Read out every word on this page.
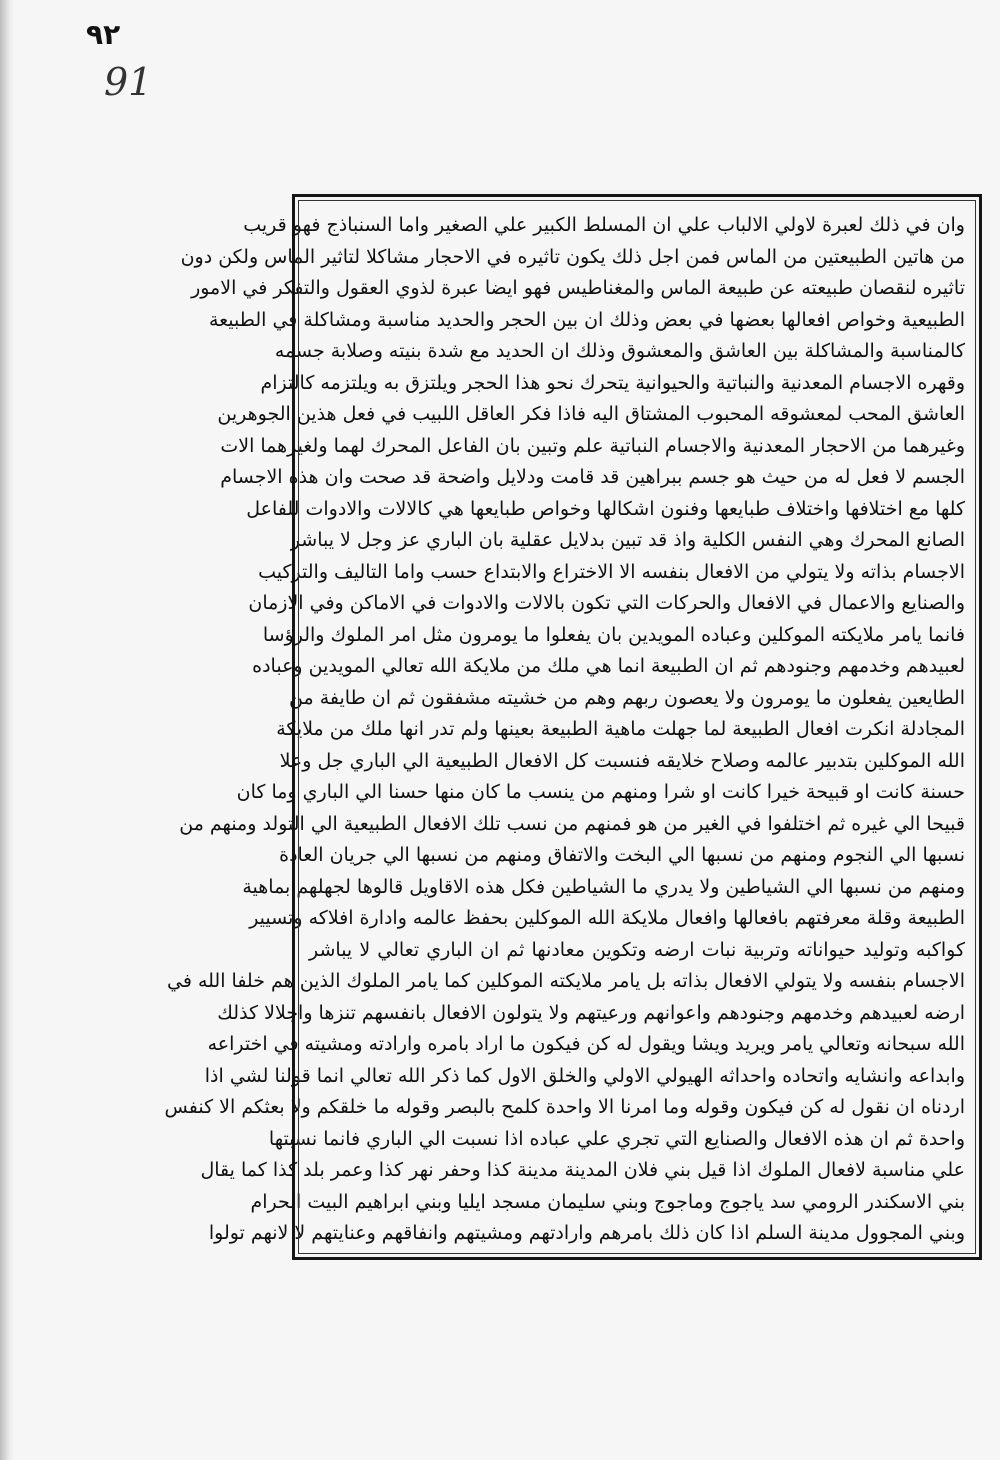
٩٢
91
وان في ذلك لعبرة لاولي الالباب علي ان المسلط الكبير علي الصغير واما السنباذج فهو قريب
من هاتين الطبيعتين من الماس فمن اجل ذلك يكون تاثيره في الاحجار مشاكلا لتاثير الماس ولكن دون
تاثيره لنقصان طبيعته عن طبيعة الماس والمغناطيس فهو ايضا عبرة لذوي العقول والتفكر في الامور
الطبيعية وخواص افعالها بعضها في بعض وذلك ان بين الحجر والحديد مناسبة ومشاكلة في الطبيعة
كالمناسبة والمشاكلة بين العاشق والمعشوق وذلك ان الحديد مع شدة بنيته وصلابة جسمه
وقهره الاجسام المعدنية والنباتية والحيوانية يتحرك نحو هذا الحجر ويلتزق به ويلتزمه كالتزام
العاشق المحب لمعشوقه المحبوب المشتاق اليه فاذا فكر العاقل اللبيب في فعل هذين الجوهرين
وغيرهما من الاحجار المعدنية والاجسام النباتية علم وتبين بان الفاعل المحرك لهما ولغيرهما الات
الجسم لا فعل له من حيث هو جسم ببراهين قد قامت ودلايل واضحة قد صحت وان هذه الاجسام
كلها مع اختلافها واختلاف طبايعها وفنون اشكالها وخواص طبايعها هي كالالات والادوات للفاعل
الصانع المحرك وهي النفس الكلية واذ قد تبين بدلايل عقلية بان الباري عز وجل لا يباشر
الاجسام بذاته ولا يتولي من الافعال بنفسه الا الاختراع والابتداع حسب واما التاليف والتركيب
والصنايع والاعمال في الافعال والحركات التي تكون بالالات والادوات في الاماكن وفي الازمان
فانما يامر ملايكته الموكلين وعباده المويدين بان يفعلوا ما يومرون مثل امر الملوك والرؤسا
لعبيدهم وخدمهم وجنودهم ثم ان الطبيعة انما هي ملك من ملايكة الله تعالي المويدين وعباده
الطايعين يفعلون ما يومرون ولا يعصون ربهم وهم من خشيته مشفقون ثم ان طايفة من
المجادلة انكرت افعال الطبيعة لما جهلت ماهية الطبيعة بعينها ولم تدر انها ملك من ملايكة
الله الموكلين بتدبير عالمه وصلاح خلايقه فنسبت كل الافعال الطبيعية الي الباري جل وعلا
حسنة كانت او قبيحة خيرا كانت او شرا ومنهم من ينسب ما كان منها حسنا الي الباري وما كان
قبيحا الي غيره ثم اختلفوا في الغير من هو فمنهم من نسب تلك الافعال الطبيعية الي التولد ومنهم من
نسبها الي النجوم ومنهم من نسبها الي البخت والاتفاق ومنهم من نسبها الي جريان العادة
ومنهم من نسبها الي الشياطين ولا يدري ما الشياطين فكل هذه الاقاويل قالوها لجهلهم بماهية
الطبيعة وقلة معرفتهم بافعالها وافعال ملايكة الله الموكلين بحفظ عالمه وادارة افلاكه وتسيير
كواكبه وتوليد حيواناته وتربية نبات ارضه وتكوين معادنها ثم ان الباري تعالي لا يباشر
الاجسام بنفسه ولا يتولي الافعال بذاته بل يامر ملايكته الموكلين كما يامر الملوك الذين هم خلفا الله في
ارضه لعبيدهم وخدمهم وجنودهم واعوانهم ورعيتهم ولا يتولون الافعال بانفسهم تنزها واجلالا كذلك
الله سبحانه وتعالي يامر ويريد ويشا ويقول له كن فيكون ما اراد بامره وارادته ومشيته في اختراعه
وابداعه وانشايه واتحاده واحداثه الهيولي الاولي والخلق الاول كما ذكر الله تعالي انما قولنا لشي اذا
اردناه ان نقول له كن فيكون وقوله وما امرنا الا واحدة كلمح بالبصر وقوله ما خلقكم ولا بعثكم الا كنفس
واحدة ثم ان هذه الافعال والصنايع التي تجري علي عباده اذا نسبت الي الباري فانما نسبتها
علي مناسبة لافعال الملوك اذا قيل بني فلان المدينة مدينة كذا وحفر نهر كذا وعمر بلد كذا كما يقال
بني الاسكندر الرومي سد ياجوج وماجوج وبني سليمان مسجد ايليا وبني ابراهيم البيت الحرام
وبني المجوول مدينة السلم اذا كان ذلك بامرهم وارادتهم ومشيتهم وانفاقهم وعنايتهم لا لانهم تولوا
